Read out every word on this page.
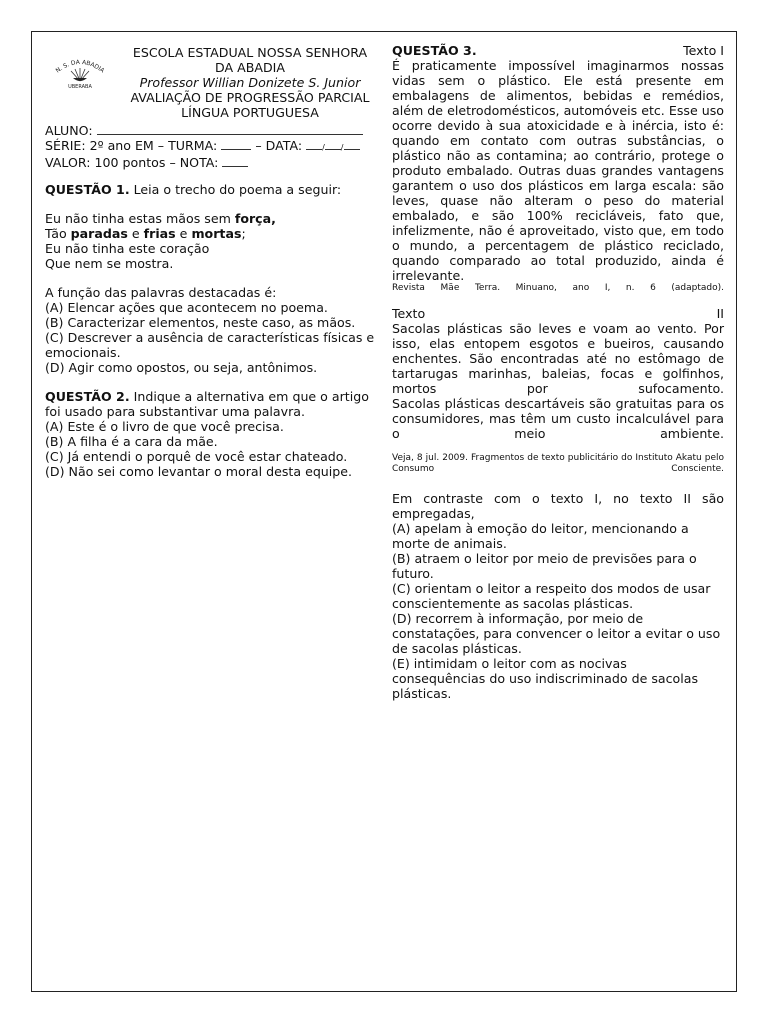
N. S. DA ABADIA
UBERABA
ESCOLA ESTADUAL NOSSA SENHORA
DA ABADIA
Professor Willian Donizete S. Junior
AVALIAÇÃO DE PROGRESSÃO PARCIAL
LÍNGUA PORTUGUESA
ALUNO:
SÉRIE: 2º ano EM – TURMA:	– DATA:	/ /
VALOR: 100 pontos – NOTA:

QUESTÃO 1. Leia o trecho do poema a seguir:

Eu não tinha estas mãos sem força,
Tão paradas e frias e mortas;
Eu não tinha este coração
Que nem se mostra.

A função das palavras destacadas é:

(A) Elencar ações que acontecem no poema.

(B) Caracterizar elementos, neste caso, as mãos.

(C) Descrever a ausência de características físicas e emocionais.

(D) Agir como opostos, ou seja, antônimos.

QUESTÃO 2. Indique a alternativa em que o artigo foi usado para substantivar uma palavra.

(A) Este é o livro de que você precisa.

(B) A filha é a cara da mãe.

(C) Já entendi o porquê de você estar chateado.

(D) Não sei como levantar o moral desta equipe.

QUESTÃO 3.	Texto I

É praticamente impossível imaginarmos nossas vidas sem o plástico. Ele está presente em embalagens de alimentos, bebidas e remédios, além de eletrodomésticos, automóveis etc. Esse uso ocorre devido à sua atoxicidade e à inércia, isto é: quando em contato com outras substâncias, o plástico não as contamina; ao contrário, protege o produto embalado. Outras duas grandes vantagens garantem o uso dos plásticos em larga escala: são leves, quase não alteram o peso do material embalado, e são 100% recicláveis, fato que, infelizmente, não é aproveitado, visto que, em todo o mundo, a percentagem de plástico reciclado, quando comparado ao total produzido, ainda é irrelevante.

Revista Mãe Terra. Minuano, ano I, n. 6 (adaptado).

Texto	II

Sacolas plásticas são leves e voam ao vento. Por isso, elas entopem esgotos e bueiros, causando enchentes. São encontradas até no estômago de tartarugas marinhas, baleias, focas e golfinhos, mortos por sufocamento.

Sacolas plásticas descartáveis são gratuitas para os consumidores, mas têm um custo incalculável para o meio ambiente.

Veja, 8 jul. 2009. Fragmentos de texto publicitário do Instituto Akatu pelo Consumo Consciente.

Em contraste com o texto I, no texto II são empregadas,

(A) apelam à emoção do leitor, mencionando a morte de animais.

(B) atraem o leitor por meio de previsões para o futuro.

(C) orientam o leitor a respeito dos modos de usar conscientemente as sacolas plásticas.

(D) recorrem à informação, por meio de constatações, para convencer o leitor a evitar o uso de sacolas plásticas.

(E) intimidam o leitor com as nocivas consequências do uso indiscriminado de sacolas plásticas.
